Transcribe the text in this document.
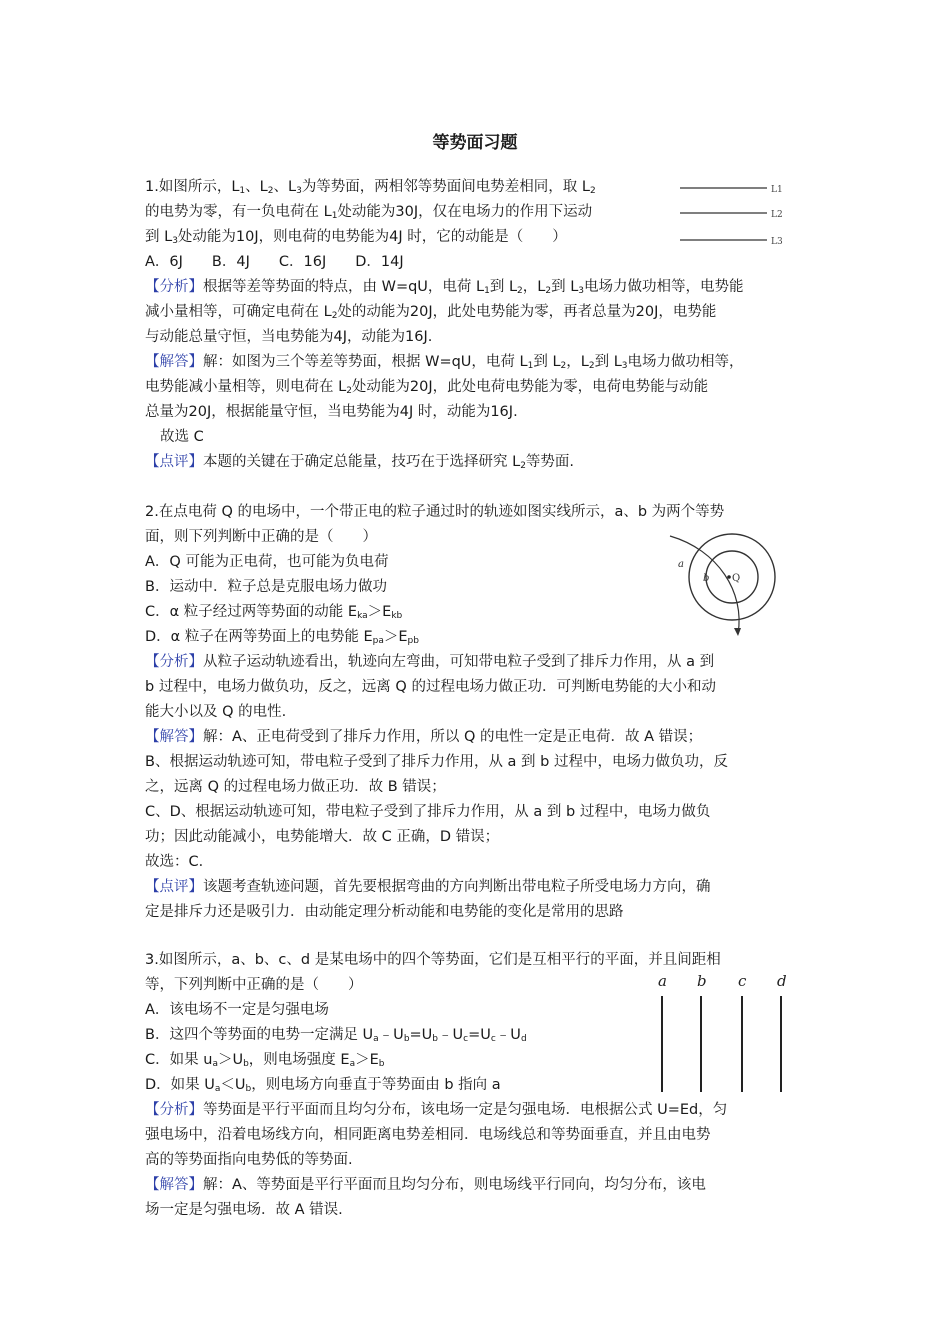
等势面习题
1.如图所示，$L_1$、$L_2$、$L_3$为等势面，两相邻等势面间电势差相同，取 $L_2$
的电势为零，有一负电荷在 $L_1$处动能为30J，仅在电场力的作用下运动
到 $L_3$处动能为10J，则电荷的电势能为4J 时，它的动能是（　　）
A．6J　　B．4J　　C．16J　　D．14J
【分析】根据等差等势面的特点，由 W=qU，电荷 $L_1$到 $L_2$，$L_2$到 $L_3$电场力做功相等，电势能
减小量相等，可确定电荷在 $L_2$处的动能为20J，此处电势能为零，再者总量为20J，电势能
与动能总量守恒，当电势能为4J，动能为16J.
【解答】解：如图为三个等差等势面，根据 W=qU，电荷 $L_1$到 $L_2$，$L_2$到 $L_3$电场力做功相等，
电势能减小量相等，则电荷在 $L_2$处动能为20J，此处电荷电势能为零，电荷电势能与动能
总量为20J，根据能量守恒，当电势能为4J 时，动能为16J.
故选 C
【点评】本题的关键在于确定总能量，技巧在于选择研究 $L_2$等势面.
L1
L2
L3
2.在点电荷 Q 的电场中，一个带正电的粒子通过时的轨迹如图实线所示，a、b 为两个等势
面，则下列判断中正确的是（　　）
A．Q 可能为正电荷，也可能为负电荷
B．运动中．粒子总是克服电场力做功
C．α 粒子经过两等势面的动能 $E_{ka}>E_{kb}$
D．α 粒子在两等势面上的电势能 $E_{pa}>E_{pb}$
【分析】从粒子运动轨迹看出，轨迹向左弯曲，可知带电粒子受到了排斥力作用，从 a 到
b 过程中，电场力做负功，反之，远离 Q 的过程电场力做正功．可判断电势能的大小和动
能大小以及 Q 的电性.
【解答】解：A、正电荷受到了排斥力作用，所以 Q 的电性一定是正电荷．故 A 错误；
B、根据运动轨迹可知，带电粒子受到了排斥力作用，从 a 到 b 过程中，电场力做负功，反
之，远离 Q 的过程电场力做正功．故 B 错误；
C、D、根据运动轨迹可知，带电粒子受到了排斥力作用，从 a 到 b 过程中，电场力做负
功；因此动能减小，电势能增大．故 C 正确，D 错误；
故选：C．
【点评】该题考查轨迹问题，首先要根据弯曲的方向判断出带电粒子所受电场力方向，确
定是排斥力还是吸引力．由动能定理分析动能和电势能的变化是常用的思路
a
b Q
3.如图所示，a、b、c、d 是某电场中的四个等势面，它们是互相平行的平面，并且间距相
等，下列判断中正确的是（　　）
A．该电场不一定是匀强电场
B．这四个等势面的电势一定满足 $U_a﹣U_b=U_b﹣U_c=U_c﹣U_d$
C．如果 $u_a>U_b$，则电场强度 $E_a>E_b$
D．如果 $U_a<U_b$，则电场方向垂直于等势面由 b 指向 a
【分析】等势面是平行平面而且均匀分布，该电场一定是匀强电场．电根据公式 U=Ed，匀
强电场中，沿着电场线方向，相同距离电势差相同．电场线总和等势面垂直，并且由电势
高的等势面指向电势低的等势面.
【解答】解：A、等势面是平行平面而且均匀分布，则电场线平行同向，均匀分布，该电
场一定是匀强电场．故 A 错误.
a b c d
